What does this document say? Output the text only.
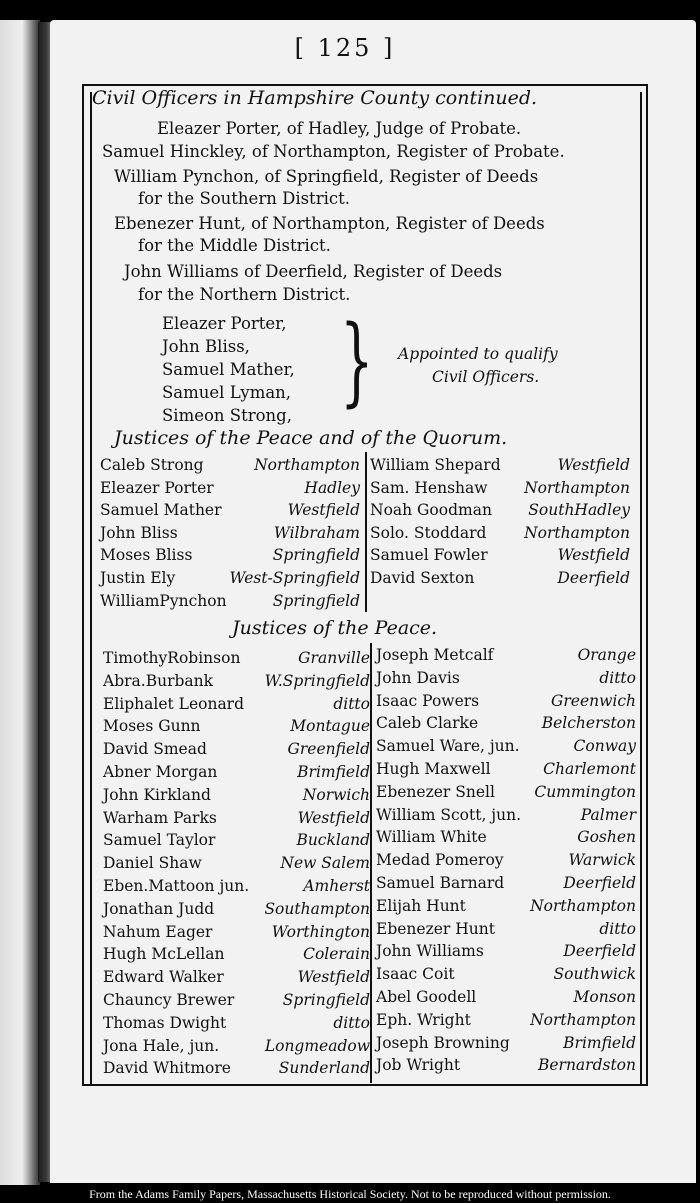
[ 125 ]
Civil Officers in Hampshire County continued.
Eleazer Porter, of Hadley, Judge of Probate.
Samuel Hinckley, of Northampton, Register of Probate.
William Pynchon, of Springfield, Register of Deeds
for the Southern District.
Ebenezer Hunt, of Northampton, Register of Deeds
for the Middle District.
John Williams of Deerfield, Register of Deeds
for the Northern District.
Eleazer Porter,
John Bliss,
Samuel Mather,
Samuel Lyman,
Simeon Strong, } Appointed to qualify
Civil Officers.
Justices of the Peace and of the Quorum.
Caleb Strong	Northampton
Eleazer Porter	Hadley
Samuel Mather	Westfield
John Bliss	Wilbraham
Moses Bliss	Springfield
Justin Ely	West-Springfield
WilliamPynchon	Springfield
William Shepard	Westfield
Sam. Henshaw	Northampton
Noah Goodman	SouthHadley
Solo. Stoddard	Northampton
Samuel Fowler	Westfield
David Sexton	Deerfield
Justices of the Peace.
TimothyRobinson	Granville
Abra.Burbank	W.Springfield
Eliphalet Leonard	ditto
Moses Gunn	Montague
David Smead	Greenfield
Abner Morgan	Brimfield
John Kirkland	Norwich
Warham Parks	Westfield
Samuel Taylor	Buckland
Daniel Shaw	New Salem
Eben.Mattoon jun.	Amherst
Jonathan Judd	Southampton
Nahum Eager	Worthington
Hugh McLellan	Colerain
Edward Walker	Westfield
Chauncy Brewer	Springfield
Thomas Dwight	ditto
Jona Hale, jun.	Longmeadow
David Whitmore	Sunderland
Joseph Metcalf	Orange
John Davis	ditto
Isaac Powers	Greenwich
Caleb Clarke	Belcherston
Samuel Ware, jun.	Conway
Hugh Maxwell	Charlemont
Ebenezer Snell	Cummington
William Scott, jun.	Palmer
William White	Goshen
Medad Pomeroy	Warwick
Samuel Barnard	Deerfield
Elijah Hunt	Northampton
Ebenezer Hunt	ditto
John Williams	Deerfield
Isaac Coit	Southwick
Abel Goodell	Monson
Eph. Wright	Northampton
Joseph Browning	Brimfield
Job Wright	Bernardston
From the Adams Family Papers, Massachusetts Historical Society. Not to be reproduced without permission.
